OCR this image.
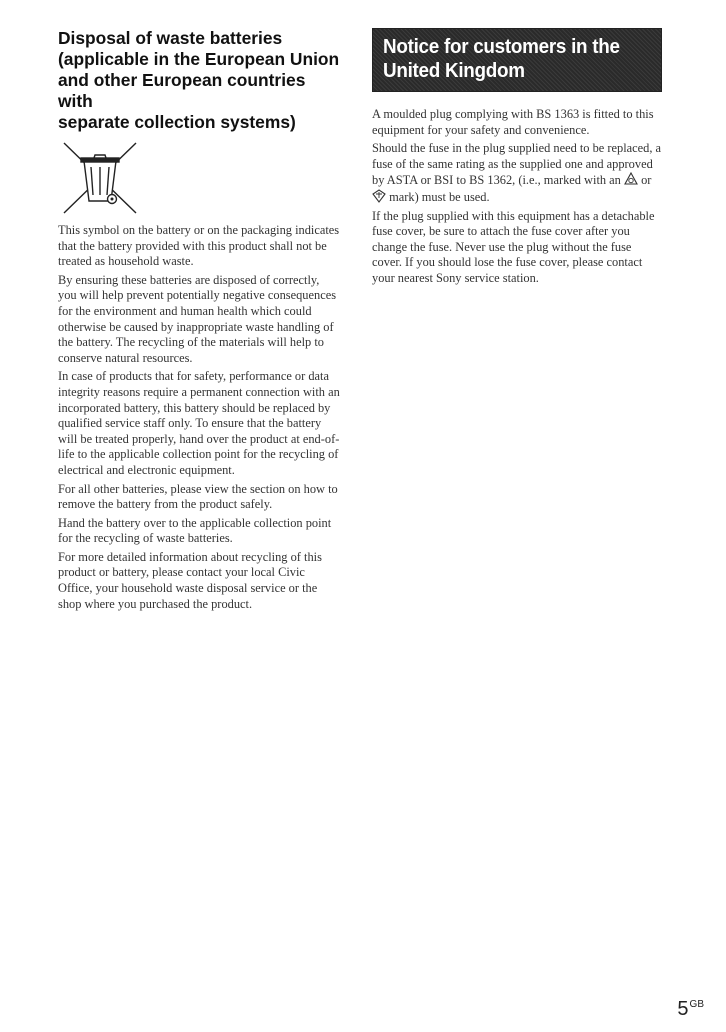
Disposal of waste batteries
(applicable in the European Union
and other European countries with
separate collection systems)

This symbol on the battery or on the packaging indicates that the battery provided with this product shall not be treated as household waste.

By ensuring these batteries are disposed of correctly, you will help prevent potentially negative consequences for the environment and human health which could otherwise be caused by inappropriate waste handling of the battery. The recycling of the materials will help to conserve natural resources.

In case of products that for safety, performance or data integrity reasons require a permanent connection with an incorporated battery, this battery should be replaced by qualified service staff only. To ensure that the battery will be treated properly, hand over the product at end-of-life to the applicable collection point for the recycling of electrical and electronic equipment.

For all other batteries, please view the section on how to remove the battery from the product safely.

Hand the battery over to the applicable collection point for the recycling of waste batteries.

For more detailed information about recycling of this product or battery, please contact your local Civic Office, your household waste disposal service or the shop where you purchased the product.

Notice for customers in the
United Kingdom

A moulded plug complying with BS 1363 is fitted to this equipment for your safety and convenience.

Should the fuse in the plug supplied need to be replaced, a fuse of the same rating as the supplied one and approved by ASTA or BSI to BS 1362, (i.e., marked with an or  mark) must be used.

If the plug supplied with this equipment has a detachable fuse cover, be sure to attach the fuse cover after you change the fuse. Never use the plug without the fuse cover. If you should lose the fuse cover, please contact your nearest Sony service station.

$5^{GB}$
